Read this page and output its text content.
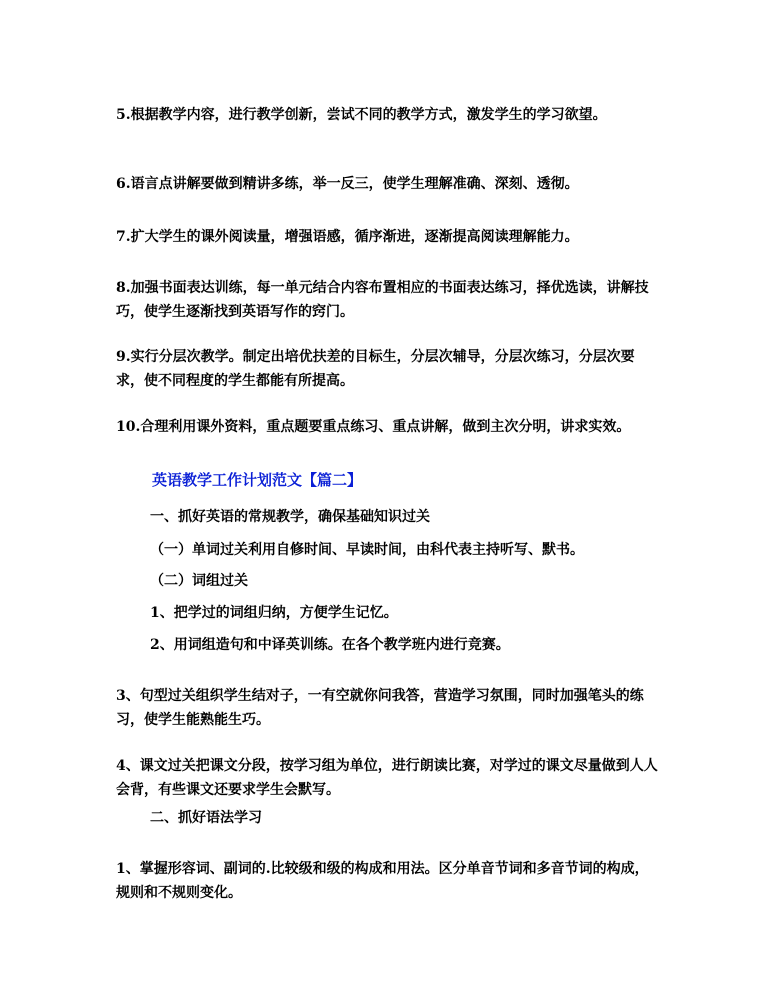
5.根据教学内容，进行教学创新，尝试不同的教学方式，激发学生的学习欲望。

6.语言点讲解要做到精讲多练，举一反三，使学生理解准确、深刻、透彻。

7.扩大学生的课外阅读量，增强语感，循序渐进，逐渐提高阅读理解能力。

8.加强书面表达训练，每一单元结合内容布置相应的书面表达练习，择优选读，讲解技巧，使学生逐渐找到英语写作的窍门。

9.实行分层次教学。制定出培优扶差的目标生，分层次辅导，分层次练习，分层次要求，使不同程度的学生都能有所提高。

10.合理利用课外资料，重点题要重点练习、重点讲解，做到主次分明，讲求实效。

英语教学工作计划范文【篇二】

一、抓好英语的常规教学，确保基础知识过关

（一）单词过关利用自修时间、早读时间，由科代表主持听写、默书。

（二）词组过关

1、把学过的词组归纳，方便学生记忆。

2、用词组造句和中译英训练。在各个教学班内进行竞赛。

3、句型过关组织学生结对子，一有空就你问我答，营造学习氛围，同时加强笔头的练习，使学生能熟能生巧。

4、课文过关把课文分段，按学习组为单位，进行朗读比赛，对学过的课文尽量做到人人会背，有些课文还要求学生会默写。

二、抓好语法学习

1、掌握形容词、副词的.比较级和级的构成和用法。区分单音节词和多音节词的构成，规则和不规则变化。
